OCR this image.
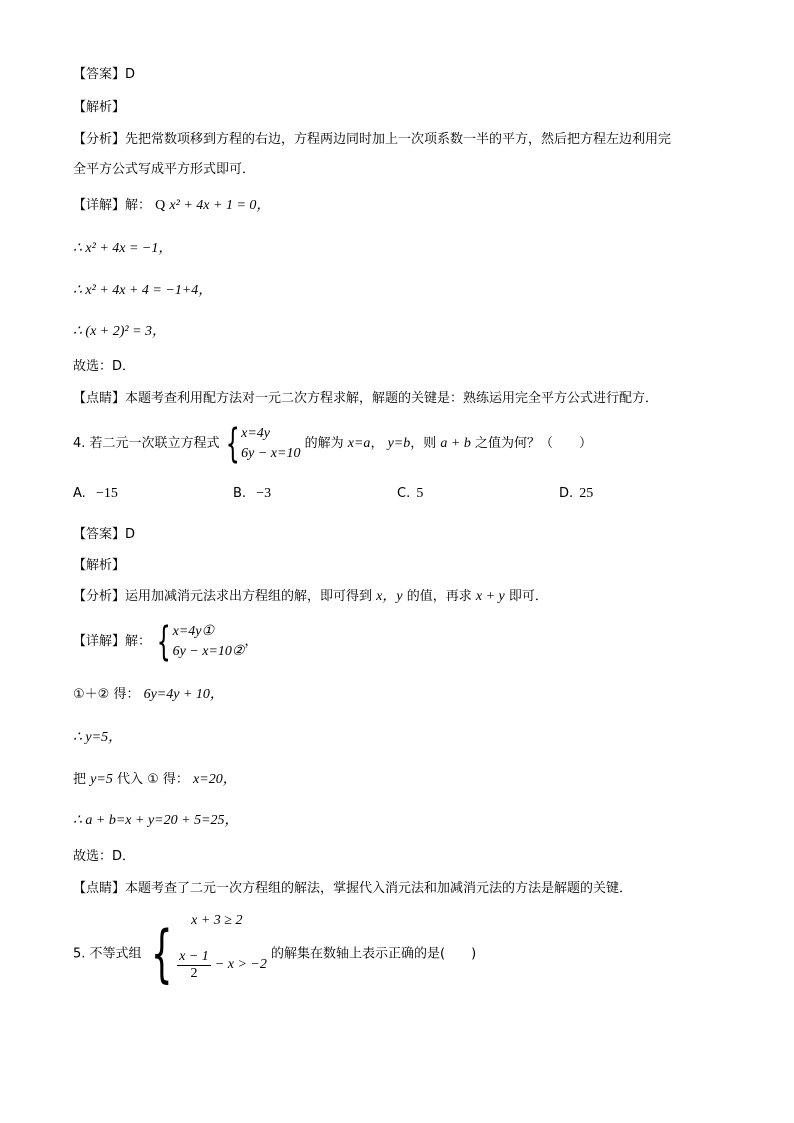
【答案】D
【解析】
【分析】先把常数项移到方程的右边，方程两边同时加上一次项系数一半的平方，然后把方程左边利用完
全平方公式写成平方形式即可．
【详解】解： Q x² + 4x + 1 = 0，
∴ x² + 4x = −1，
∴ x² + 4x + 4 = −1+4，
∴ (x + 2)² = 3，
故选：D．
【点睛】本题考查利用配方法对一元二次方程求解，解题的关键是：熟练运用完全平方公式进行配方．
4. 若二元一次联立方程式 { x=4y
6y − x=10
的解为 x=a， y=b，则 a + b 之值为何？（　　）
A. −15	B. −3	C. 5	D. 25
【答案】D
【解析】
【分析】运用加减消元法求出方程组的解，即可得到 x，y 的值，再求 x + y 即可．
【详解】解： { x=4y①
6y − x=10②
，
①＋② 得： 6y=4y + 10，
∴ y=5，
把 y=5 代入 ① 得： x=20，
∴ a + b=x + y=20 + 5=25，
故选：D．
【点睛】本题考查了二元一次方程组的解法，掌握代入消元法和加减消元法的方法是解题的关键．
5. 不等式组 {	x + 3 ≥ 2
$\frac{x - 1}{2} - x > -2$
的解集在数轴上表示正确的是(　　)
